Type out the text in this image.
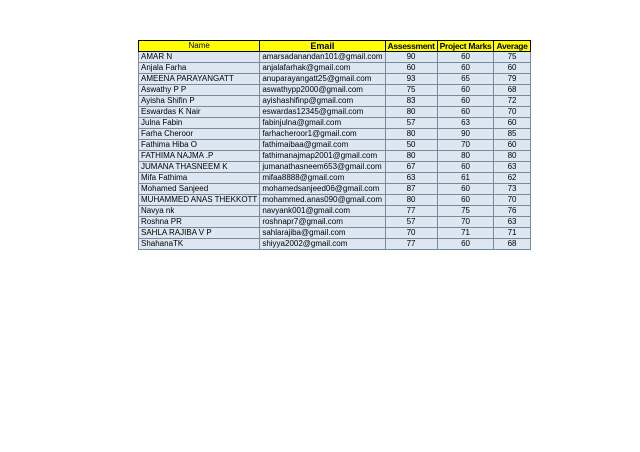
Name	Email	Assessment	Project Marks	Average
AMAR N	amarsadanandan101@gmail.com	90	60	75
Anjala Farha	anjalafarhak@gmail.com	60	60	60
AMEENA PARAYANGATT	anuparayangatt25@gmail.com	93	65	79
Aswathy P P	aswathypp2000@gmail.com	75	60	68
Ayisha Shifin P	ayishashifinp@gmail.com	83	60	72
Eswardas K Nair	eswardas12345@gmail.com	80	60	70
Julna Fabin	fabinjulna@gmail.com	57	63	60
Farha Cheroor	farhacheroor1@gmail.com	80	90	85
Fathima Hiba O	fathimaibaa@gmail.com	50	70	60
FATHIMA NAJMA .P	fathimanajmap2001@gmail.com	80	80	80
JUMANA THASNEEM K	jumanathasneem653@gmail.com	67	60	63
Mifa Fathima	mifaa8888@gmail.com	63	61	62
Mohamed Sanjeed	mohamedsanjeed06@gmail.com	87	60	73
MUHAMMED ANAS THEKKOTT	mohammed.anas090@gmail.com	80	60	70
Navya nk	navyank001@gmail.com	77	75	76
Roshna PR	roshnapr7@gmail.com	57	70	63
SAHLA RAJIBA V P	sahlarajiba@gmail.com	70	71	71
ShahanaTK	shiyya2002@gmail.com	77	60	68
